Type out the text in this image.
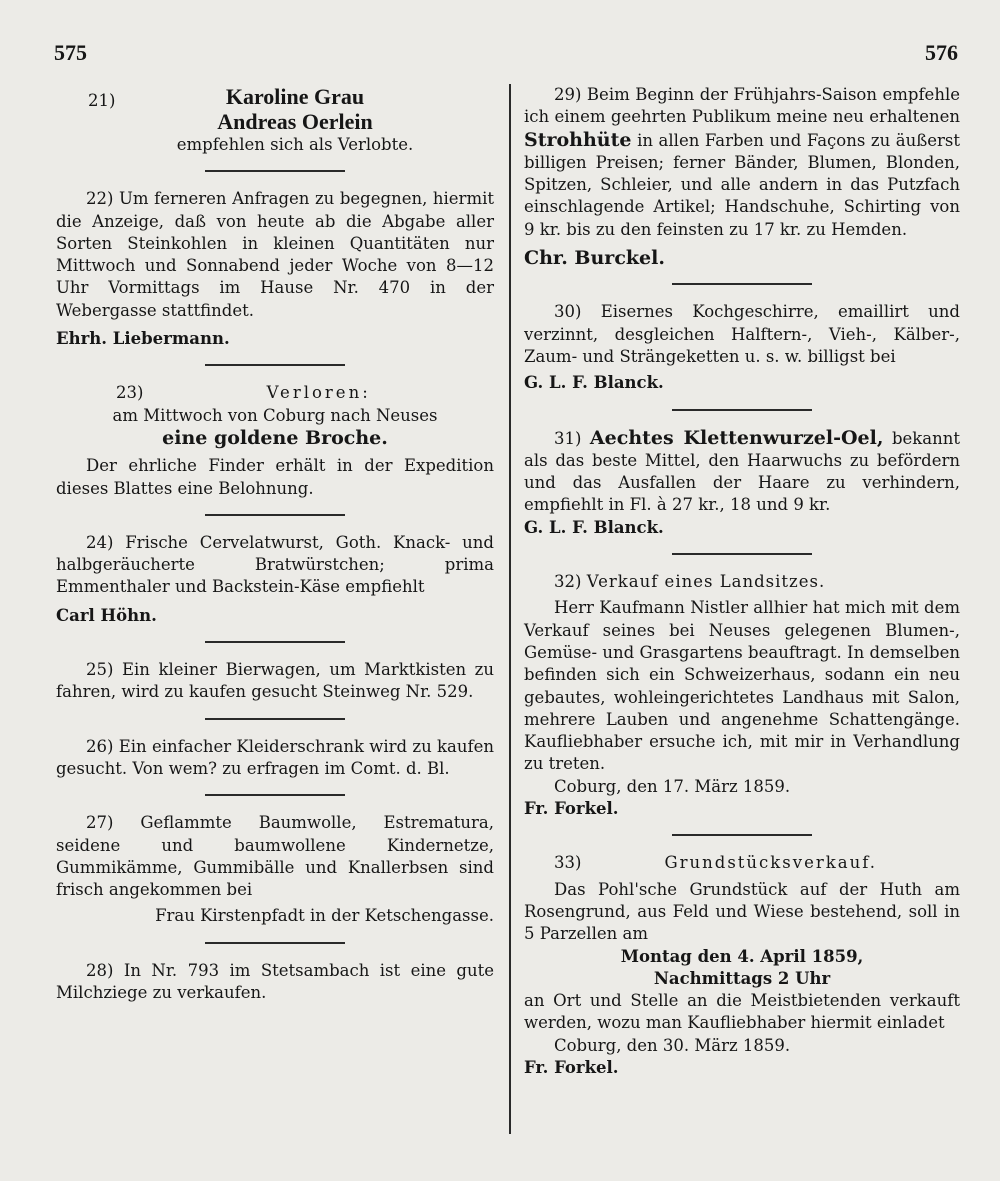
575	576
21)	Karoline Grau
Andreas Oerlein

empfehlen sich als Verlobte.

22) Um ferneren Anfragen zu begegnen, hiermit die Anzeige, daß von heute ab die Abgabe aller Sorten Steinkohlen in kleinen Quantitäten nur Mittwoch und Sonnabend jeder Woche von 8—12 Uhr Vormittags im Hause Nr. 470 in der Webergasse stattfindet.

Ehrh. Liebermann.

23)	Verloren:

am Mittwoch von Coburg nach Neuses

eine goldene Broche.

Der ehrliche Finder erhält in der Expedition dieses Blattes eine Belohnung.

24) Frische Cervelatwurst, Goth. Knack- und halbgeräucherte Bratwürstchen; prima Emmenthaler und Backstein-Käse empfiehlt

Carl Höhn.

25) Ein kleiner Bierwagen, um Marktkisten zu fahren, wird zu kaufen gesucht Steinweg Nr. 529.

26) Ein einfacher Kleiderschrank wird zu kaufen gesucht. Von wem? zu erfragen im Comt. d. Bl.

27) Geflammte Baumwolle, Estrematura, seidene und baumwollene Kindernetze, Gummikämme, Gummibälle und Knallerbsen sind frisch angekommen bei

Frau Kirstenpfadt in der Ketschengasse.

28) In Nr. 793 im Stetsambach ist eine gute Milchziege zu verkaufen.

29) Beim Beginn der Frühjahrs-Saison empfehle ich einem geehrten Publikum meine neu erhaltenen Strohhüte in allen Farben und Façons zu äußerst billigen Preisen; ferner Bänder, Blumen, Blonden, Spitzen, Schleier, und alle andern in das Putzfach einschlagende Artikel; Handschuhe, Schirting von 9 kr. bis zu den feinsten zu 17 kr. zu Hemden.

Chr. Burckel.

30) Eisernes Kochgeschirre, emaillirt und verzinnt, desgleichen Halftern-, Vieh-, Kälber-, Zaum- und Strängeketten u. s. w. billigst bei

G. L. F. Blanck.

31) Aechtes Klettenwurzel-Oel, bekannt als das beste Mittel, den Haarwuchs zu befördern und das Ausfallen der Haare zu verhindern, empfiehlt in Fl. à 27 kr., 18 und 9 kr.

G. L. F. Blanck.

32) Verkauf eines Landsitzes.

Herr Kaufmann Nistler allhier hat mich mit dem Verkauf seines bei Neuses gelegenen Blumen-, Gemüse- und Grasgartens beauftragt. In demselben befinden sich ein Schweizerhaus, sodann ein neu gebautes, wohleingerichtetes Landhaus mit Salon, mehrere Lauben und angenehme Schattengänge. Kaufliebhaber ersuche ich, mit mir in Verhandlung zu treten.

Coburg, den 17. März 1859.

Fr. Forkel.

33)	Grundstücksverkauf.

Das Pohl'sche Grundstück auf der Huth am Rosengrund, aus Feld und Wiese bestehend, soll in 5 Parzellen am

Montag den 4. April 1859,

Nachmittags 2 Uhr

an Ort und Stelle an die Meistbietenden verkauft werden, wozu man Kaufliebhaber hiermit einladet

Coburg, den 30. März 1859.

Fr. Forkel.
